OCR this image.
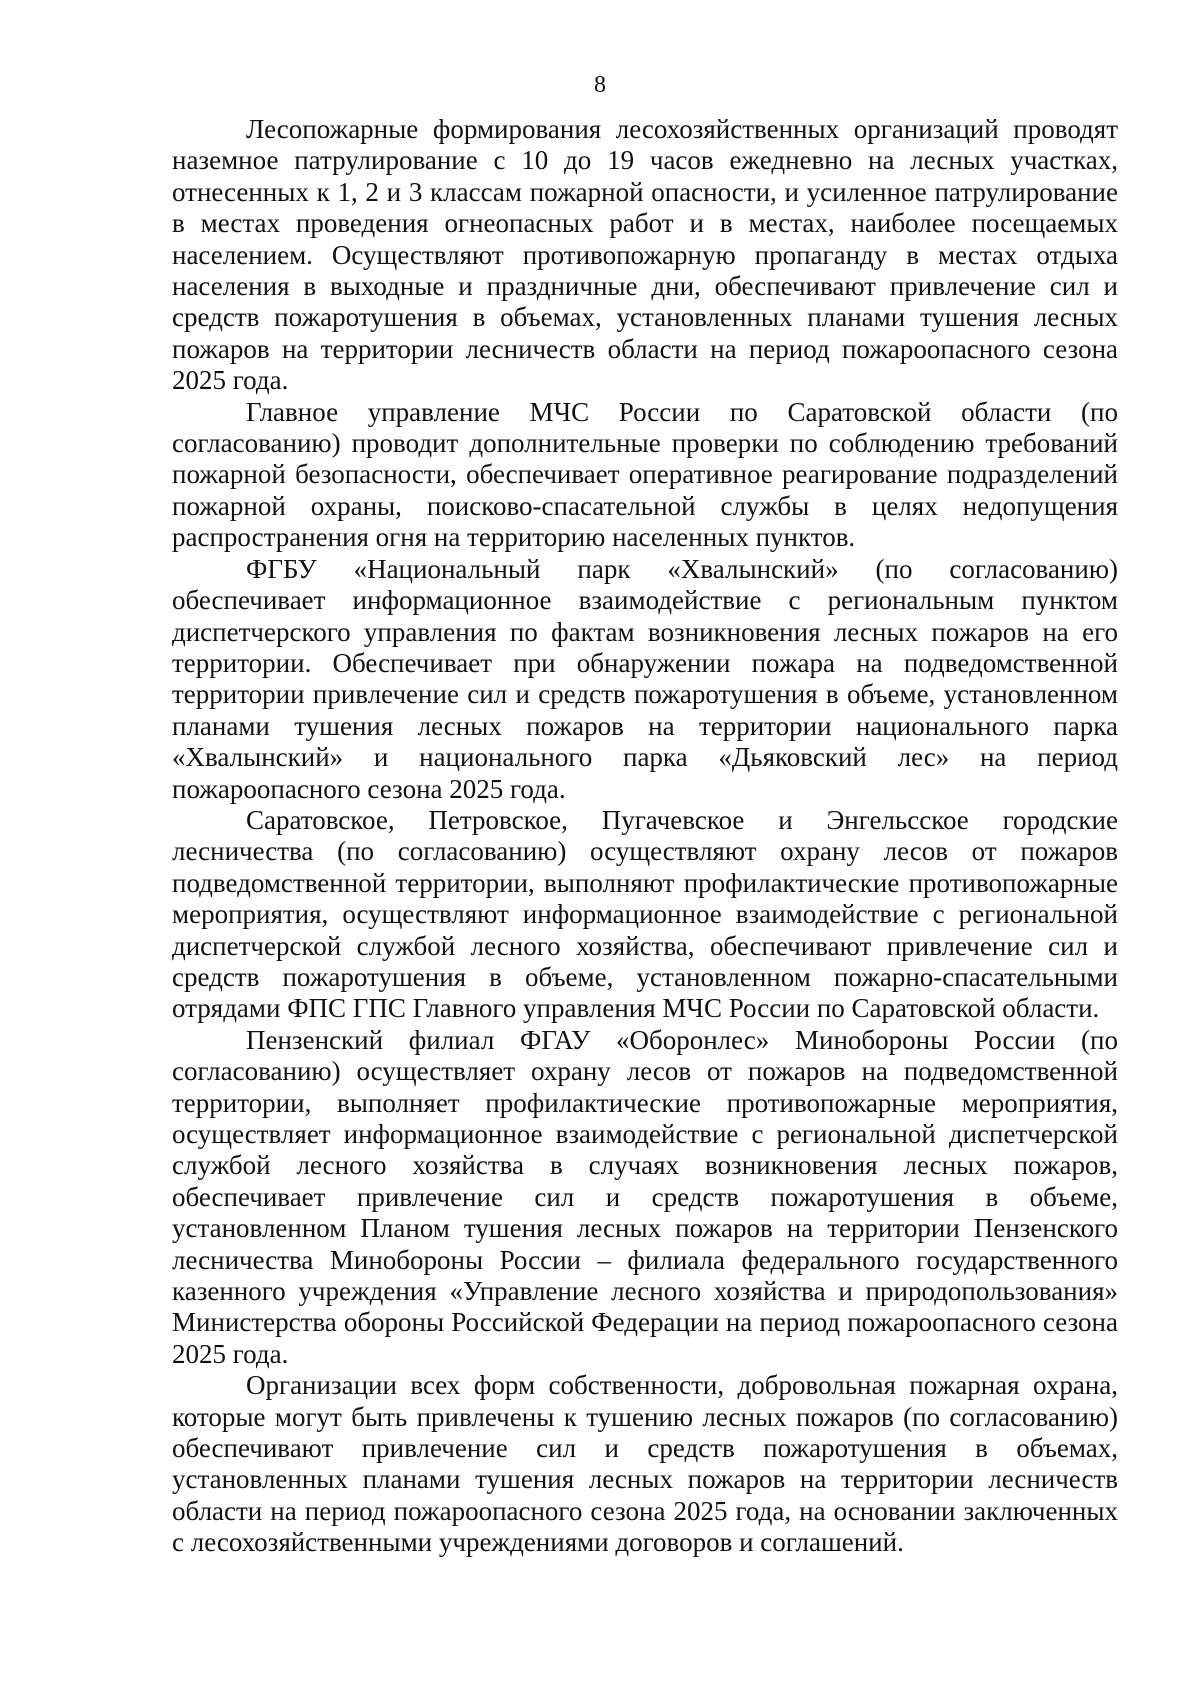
8

Лесопожарные формирования лесохозяйственных организаций проводят наземное патрулирование с 10 до 19 часов ежедневно на лесных участках, отнесенных к 1, 2 и 3 классам пожарной опасности, и усиленное патрулирование в местах проведения огнеопасных работ и в местах, наиболее посещаемых населением. Осуществляют противопожарную пропаганду в местах отдыха населения в выходные и праздничные дни, обеспечивают привлечение сил и средств пожаротушения в объемах, установленных планами тушения лесных пожаров на территории лесничеств области на период пожароопасного сезона 2025 года.

Главное управление МЧС России по Саратовской области (по согласованию) проводит дополнительные проверки по соблюдению требований пожарной безопасности, обеспечивает оперативное реагирование подразделений пожарной охраны, поисково-спасательной службы в целях недопущения распространения огня на территорию населенных пунктов.

ФГБУ «Национальный парк «Хвалынский» (по согласованию) обеспечивает информационное взаимодействие с региональным пунктом диспетчерского управления по фактам возникновения лесных пожаров на его территории. Обеспечивает при обнаружении пожара на подведомственной территории привлечение сил и средств пожаротушения в объеме, установленном планами тушения лесных пожаров на территории национального парка «Хвалынский» и национального парка «Дьяковский лес» на период пожароопасного сезона 2025 года.

Саратовское, Петровское, Пугачевское и Энгельсское городские лесничества (по согласованию) осуществляют охрану лесов от пожаров подведомственной территории, выполняют профилактические противопожарные мероприятия, осуществляют информационное взаимодействие с региональной диспетчерской службой лесного хозяйства, обеспечивают привлечение сил и средств пожаротушения в объеме, установленном пожарно-спасательными отрядами ФПС ГПС Главного управления МЧС России по Саратовской области.

Пензенский филиал ФГАУ «Оборонлес» Минобороны России (по согласованию) осуществляет охрану лесов от пожаров на подведомственной территории, выполняет профилактические противопожарные мероприятия, осуществляет информационное взаимодействие с региональной диспетчерской службой лесного хозяйства в случаях возникновения лесных пожаров, обеспечивает привлечение сил и средств пожаротушения в объеме, установленном Планом тушения лесных пожаров на территории Пензенского лесничества Минобороны России – филиала федерального государственного казенного учреждения «Управление лесного хозяйства и природопользования» Министерства обороны Российской Федерации на период пожароопасного сезона 2025 года.

Организации всех форм собственности, добровольная пожарная охрана, которые могут быть привлечены к тушению лесных пожаров (по согласованию) обеспечивают привлечение сил и средств пожаротушения в объемах, установленных планами тушения лесных пожаров на территории лесничеств области на период пожароопасного сезона 2025 года, на основании заключенных с лесохозяйственными учреждениями договоров и соглашений.
